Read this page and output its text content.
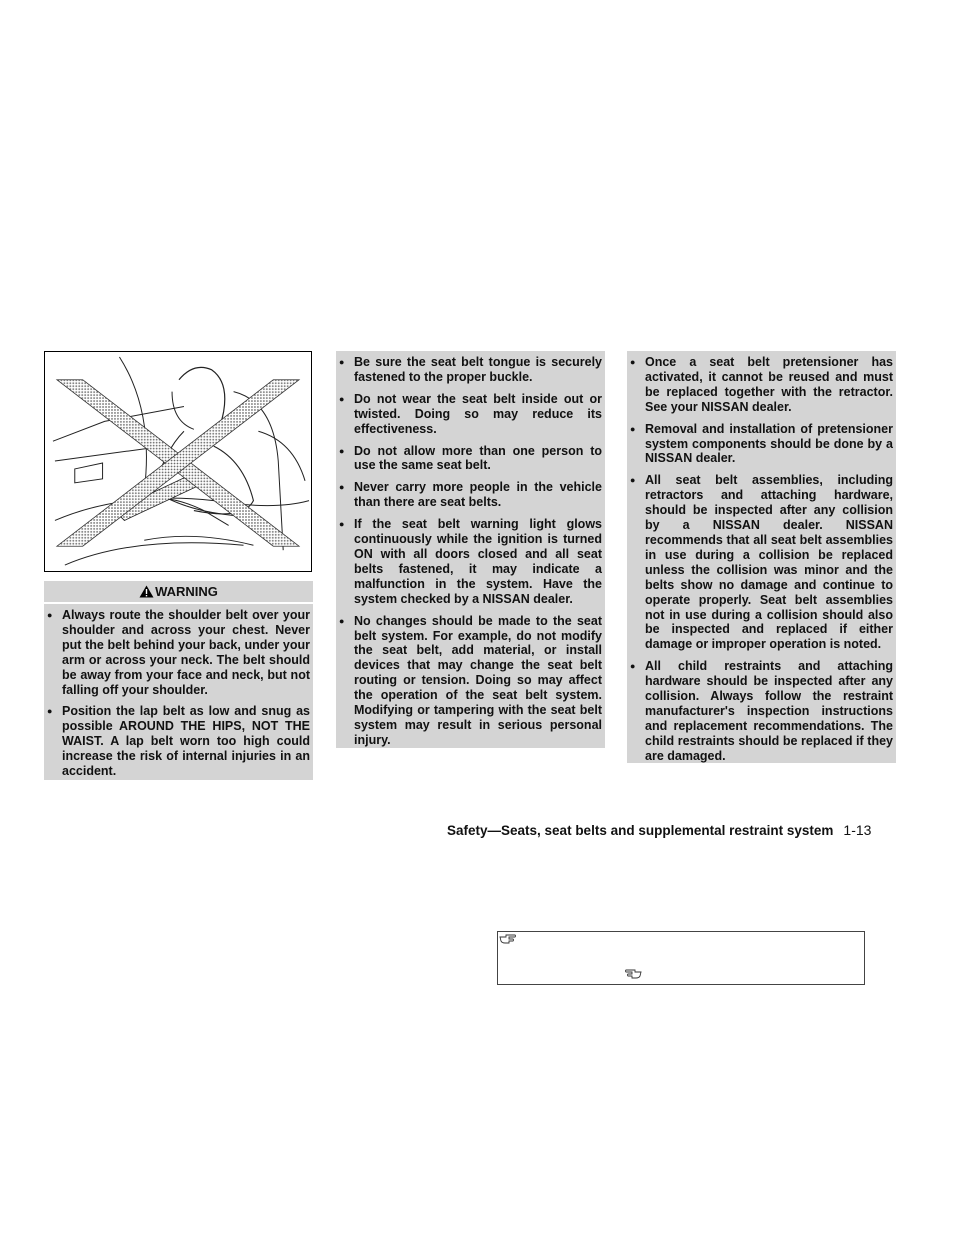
WARNING
● Always route the shoulder belt over your shoulder and across your chest. Never put the belt behind your back, under your arm or across your neck. The belt should be away from your face and neck, but not falling off your shoulder.
● Position the lap belt as low and snug as possible AROUND THE HIPS, NOT THE WAIST. A lap belt worn too high could increase the risk of internal injuries in an accident.
● Be sure the seat belt tongue is securely fastened to the proper buckle.
● Do not wear the seat belt inside out or twisted. Doing so may reduce its effectiveness.
● Do not allow more than one person to use the same seat belt.
● Never carry more people in the vehicle than there are seat belts.
● If the seat belt warning light glows continuously while the ignition is turned ON with all doors closed and all seat belts fastened, it may indicate a malfunction in the system. Have the system checked by a NISSAN dealer.
● No changes should be made to the seat belt system. For example, do not modify the seat belt, add material, or install devices that may change the seat belt routing or tension. Doing so may affect the operation of the seat belt system. Modifying or tampering with the seat belt system may result in serious personal injury.
● Once a seat belt pretensioner has activated, it cannot be reused and must be replaced together with the retractor. See your NISSAN dealer.
● Removal and installation of pretensioner system components should be done by a NISSAN dealer.
● All seat belt assemblies, including retractors and attaching hardware, should be inspected after any collision by a NISSAN dealer. NISSAN recommends that all seat belt assemblies in use during a collision be replaced unless the collision was minor and the belts show no damage and continue to operate properly. Seat belt assemblies not in use during a collision should also be inspected and replaced if either damage or improper operation is noted.
● All child restraints and attaching hardware should be inspected after any collision. Always follow the restraint manufacturer's inspection instructions and replacement recommendations. The child restraints should be replaced if they are damaged.
Safety—Seats, seat belts and supplemental restraint system 1-13
